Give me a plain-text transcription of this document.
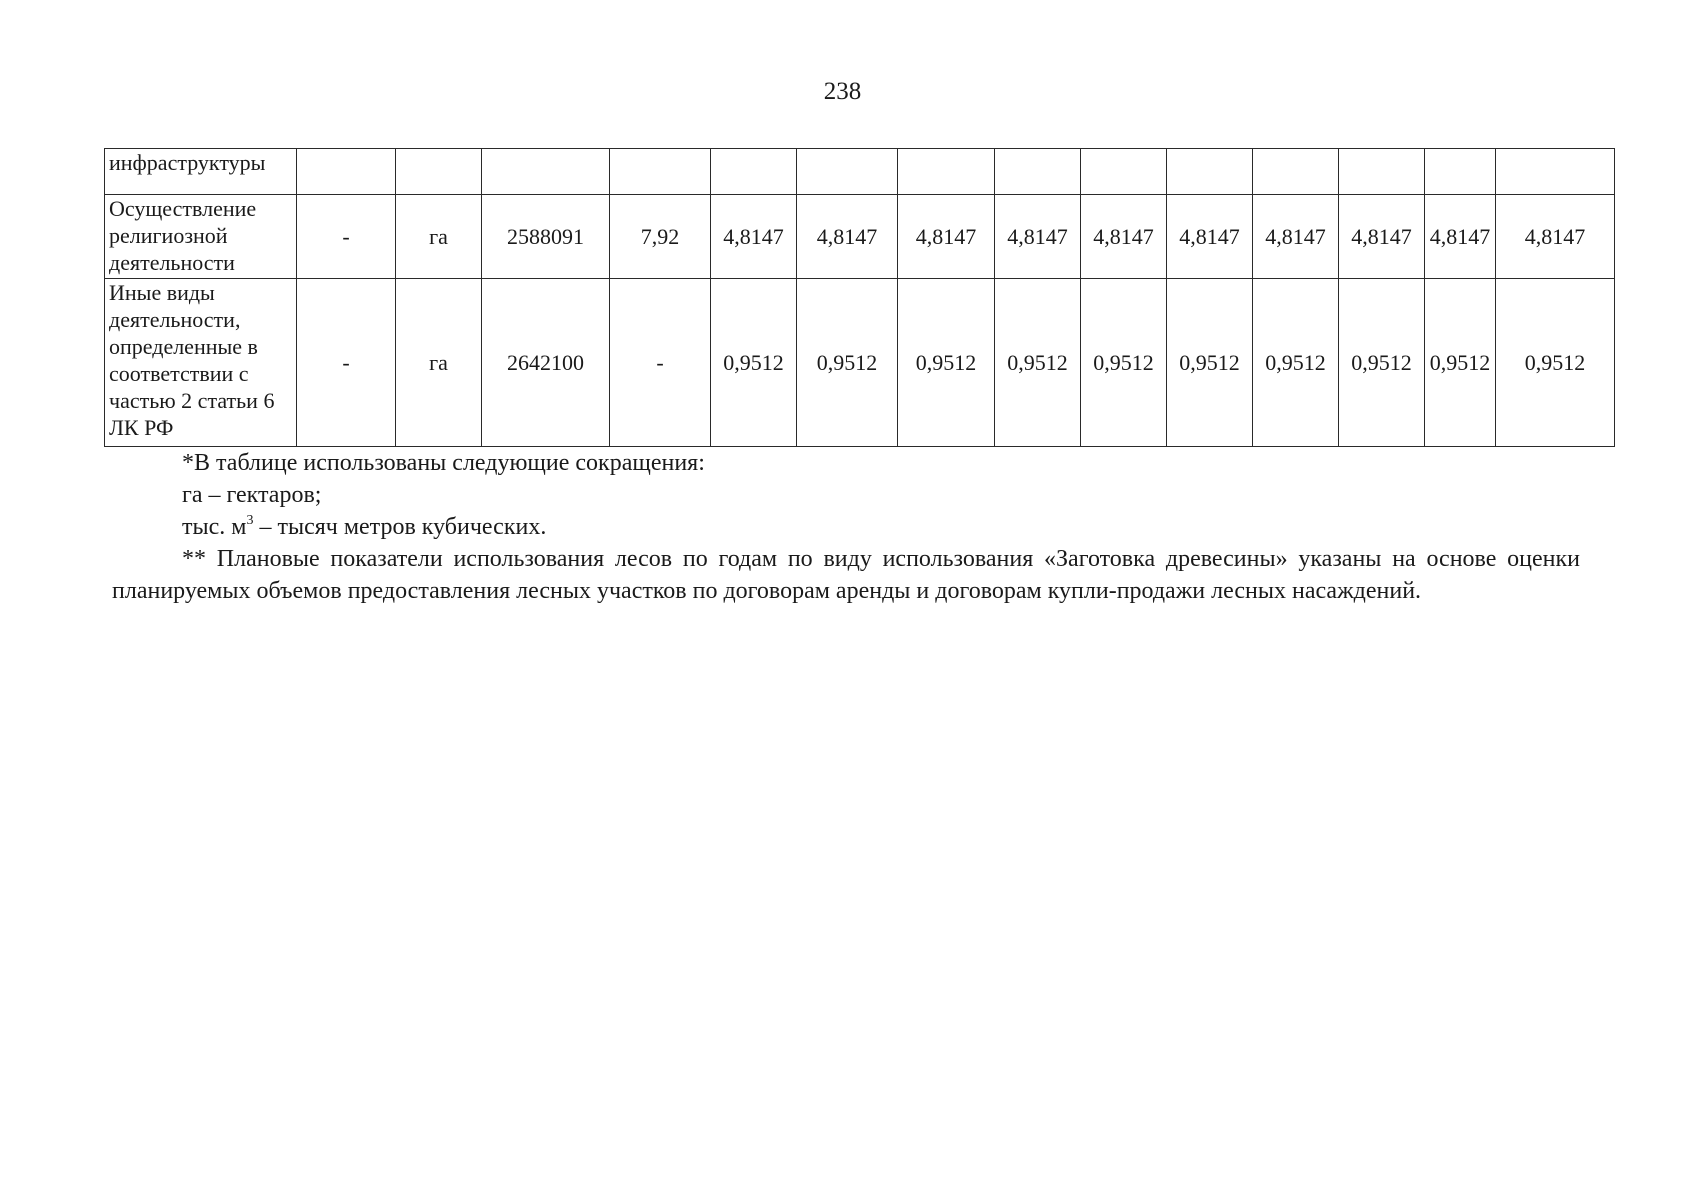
238
инфраструктуры														
Осуществление религиозной деятельности	-	га	2588091	7,92	4,8147	4,8147	4,8147	4,8147	4,8147	4,8147	4,8147	4,8147	4,8147	4,8147
Иные виды деятельности, определенные в соответствии с частью 2 статьи 6 ЛК РФ	-	га	2642100	-	0,9512	0,9512	0,9512	0,9512	0,9512	0,9512	0,9512	0,9512	0,9512	0,9512

*В таблице использованы следующие сокращения:

га – гектаров;

тыс. $м^3$ – тысяч метров кубических.

** Плановые показатели использования лесов по годам по виду использования «Заготовка древесины» указаны на основе оценки планируемых объемов предоставления лесных участков по договорам аренды и договорам купли-продажи лесных насаждений.
